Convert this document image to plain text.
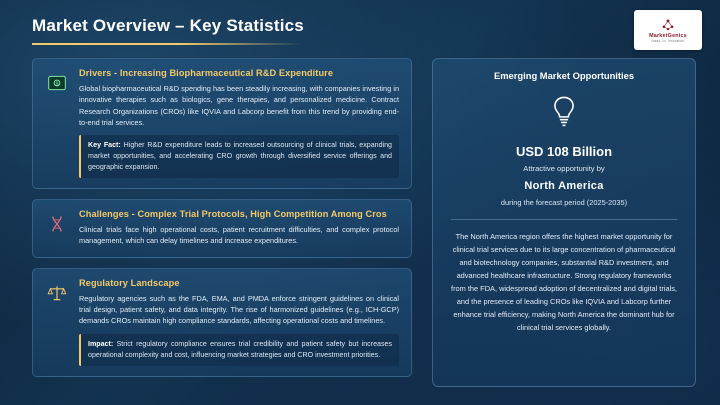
Market Overview – Key Statistics
MarketGenics
Ideas. In. Innovation
$
Drivers - Increasing Biopharmaceutical R&D Expenditure
Global biopharmaceutical R&D spending has been steadily increasing, with companies investing in innovative therapies such as biologics, gene therapies, and personalized medicine. Contract Research Organizations (CROs) like IQVIA and Labcorp benefit from this trend by providing end-to-end trial services.
Key Fact: Higher R&D expenditure leads to increased outsourcing of clinical trials, expanding market opportunities, and accelerating CRO growth through diversified service offerings and geographic expansion.
Challenges - Complex Trial Protocols, High Competition Among Cros
Clinical trials face high operational costs, patient recruitment difficulties, and complex protocol management, which can delay timelines and increase expenditures.
Regulatory Landscape
Regulatory agencies such as the FDA, EMA, and PMDA enforce stringent guidelines on clinical trial design, patient safety, and data integrity. The rise of harmonized guidelines (e.g., ICH-GCP) demands CROs maintain high compliance standards, affecting operational costs and timelines.
Impact: Strict regulatory compliance ensures trial credibility and patient safety but increases operational complexity and cost, influencing market strategies and CRO investment priorities.
Emerging Market Opportunities
USD 108 Billion
Attractive opportunity by
North America
during the forecast period (2025-2035)
The North America region offers the highest market opportunity for clinical trial services due to its large concentration of pharmaceutical and biotechnology companies, substantial R&D investment, and advanced healthcare infrastructure. Strong regulatory frameworks from the FDA, widespread adoption of decentralized and digital trials, and the presence of leading CROs like IQVIA and Labcorp further enhance trial efficiency, making North America the dominant hub for clinical trial services globally.
